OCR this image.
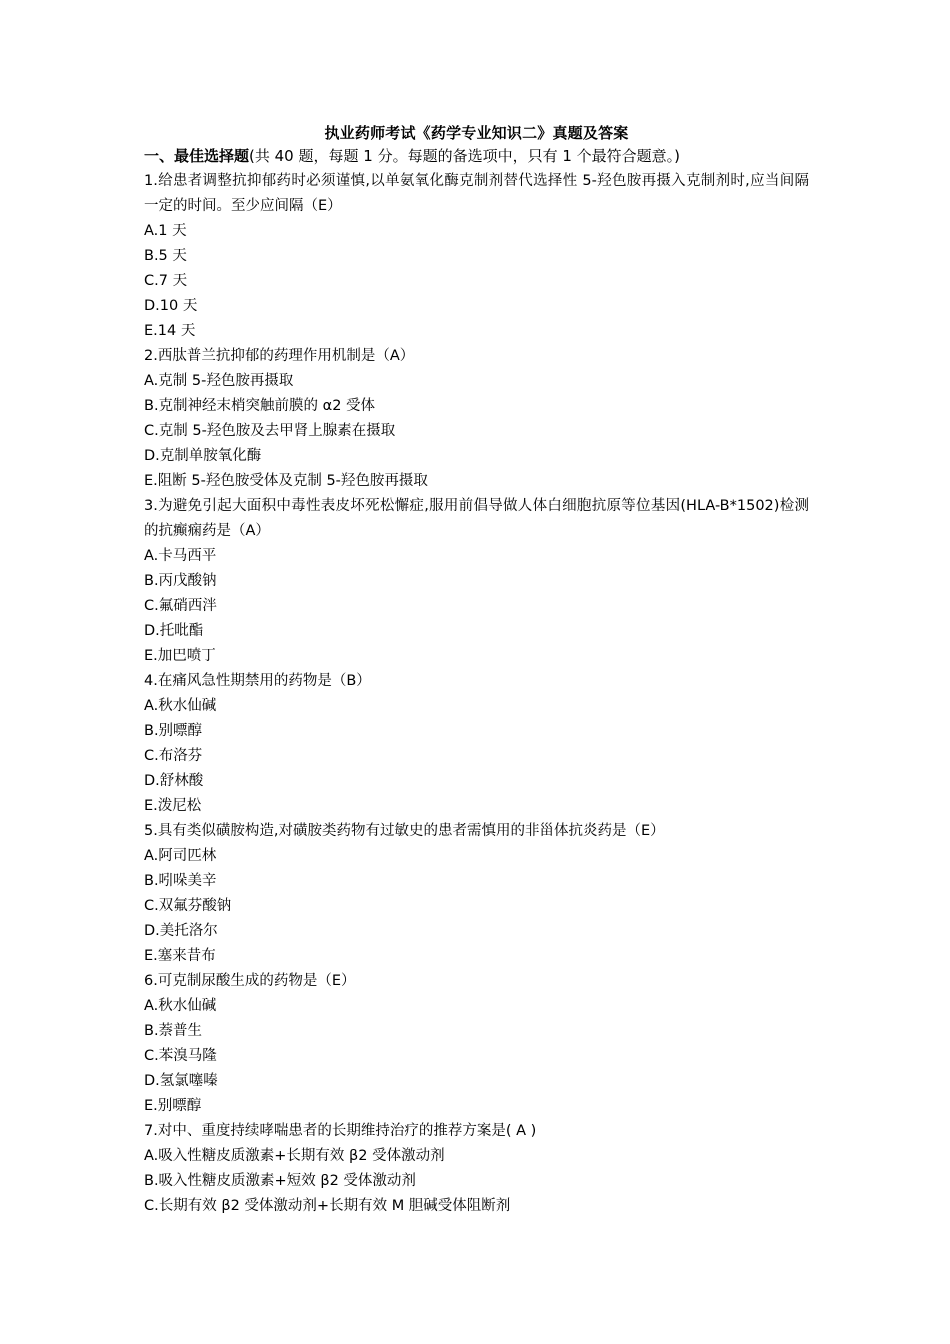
执业药师考试《药学专业知识二》真题及答案

一、最佳选择题(共 40 题，每题 1 分。每题的备选项中，只有 1 个最符合题意。)

1.给患者调整抗抑郁药时必须谨慎,以单氨氧化酶克制剂替代选择性 5-羟色胺再摄入克制剂时,应当间隔一定的时间。至少应间隔（E）

A.1 天

B.5 天

C.7 天

D.10 天

E.14 天

2.西肽普兰抗抑郁的药理作用机制是（A）

A.克制 5-羟色胺再摄取

B.克制神经末梢突触前膜的 α2 受体

C.克制 5-羟色胺及去甲肾上腺素在摄取

D.克制单胺氧化酶

E.阻断 5-羟色胺受体及克制 5-羟色胺再摄取

3.为避免引起大面积中毒性表皮坏死松懈症,服用前倡导做人体白细胞抗原等位基因(HLA-B*1502)检测的抗癫痫药是（A）

A.卡马西平

B.丙戊酸钠

C.氟硝西泮

D.托吡酯

E.加巴喷丁

4.在痛风急性期禁用的药物是（B）

A.秋水仙碱

B.别嘌醇

C.布洛芬

D.舒林酸

E.泼尼松

5.具有类似磺胺构造,对磺胺类药物有过敏史的患者需慎用的非甾体抗炎药是（E）

A.阿司匹林

B.吲哚美辛

C.双氟芬酸钠

D.美托洛尔

E.塞来昔布

6.可克制尿酸生成的药物是（E）

A.秋水仙碱

B.萘普生

C.苯溴马隆

D.氢氯噻嗪

E.别嘌醇

7.对中、重度持续哮喘患者的长期维持治疗的推荐方案是( A )

A.吸入性糖皮质激素+长期有效 β2 受体激动剂

B.吸入性糖皮质激素+短效 β2 受体激动剂

C.长期有效 β2 受体激动剂+长期有效 M 胆碱受体阻断剂
